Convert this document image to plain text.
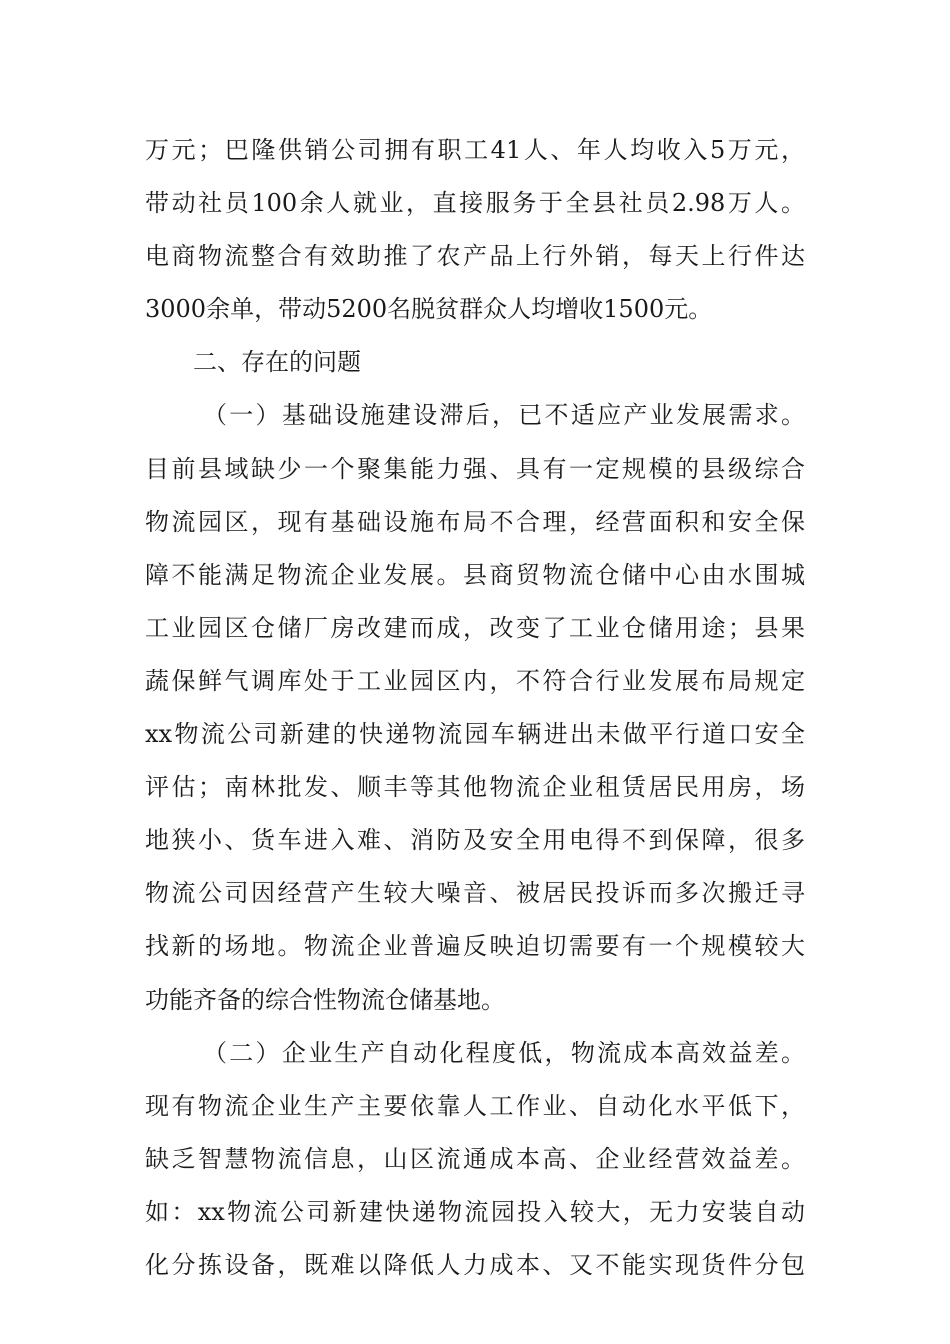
万元；巴隆供销公司拥有职工41人、年人均收入5万元，
带动社员100余人就业，直接服务于全县社员2.98万人。
电商物流整合有效助推了农产品上行外销，每天上行件达
3000余单，带动5200名脱贫群众人均增收1500元。
二、存在的问题
（一）基础设施建设滞后，已不适应产业发展需求。
目前县域缺少一个聚集能力强、具有一定规模的县级综合
物流园区，现有基础设施布局不合理，经营面积和安全保
障不能满足物流企业发展。县商贸物流仓储中心由水围城
工业园区仓储厂房改建而成，改变了工业仓储用途；县果
蔬保鲜气调库处于工业园区内，不符合行业发展布局规定
xx物流公司新建的快递物流园车辆进出未做平行道口安全
评估；南林批发、顺丰等其他物流企业租赁居民用房，场
地狭小、货车进入难、消防及安全用电得不到保障，很多
物流公司因经营产生较大噪音、被居民投诉而多次搬迁寻
找新的场地。物流企业普遍反映迫切需要有一个规模较大
功能齐备的综合性物流仓储基地。
（二）企业生产自动化程度低，物流成本高效益差。
现有物流企业生产主要依靠人工作业、自动化水平低下，
缺乏智慧物流信息，山区流通成本高、企业经营效益差。
如：xx物流公司新建快递物流园投入较大，无力安装自动
化分拣设备，既难以降低人力成本、又不能实现货件分包
